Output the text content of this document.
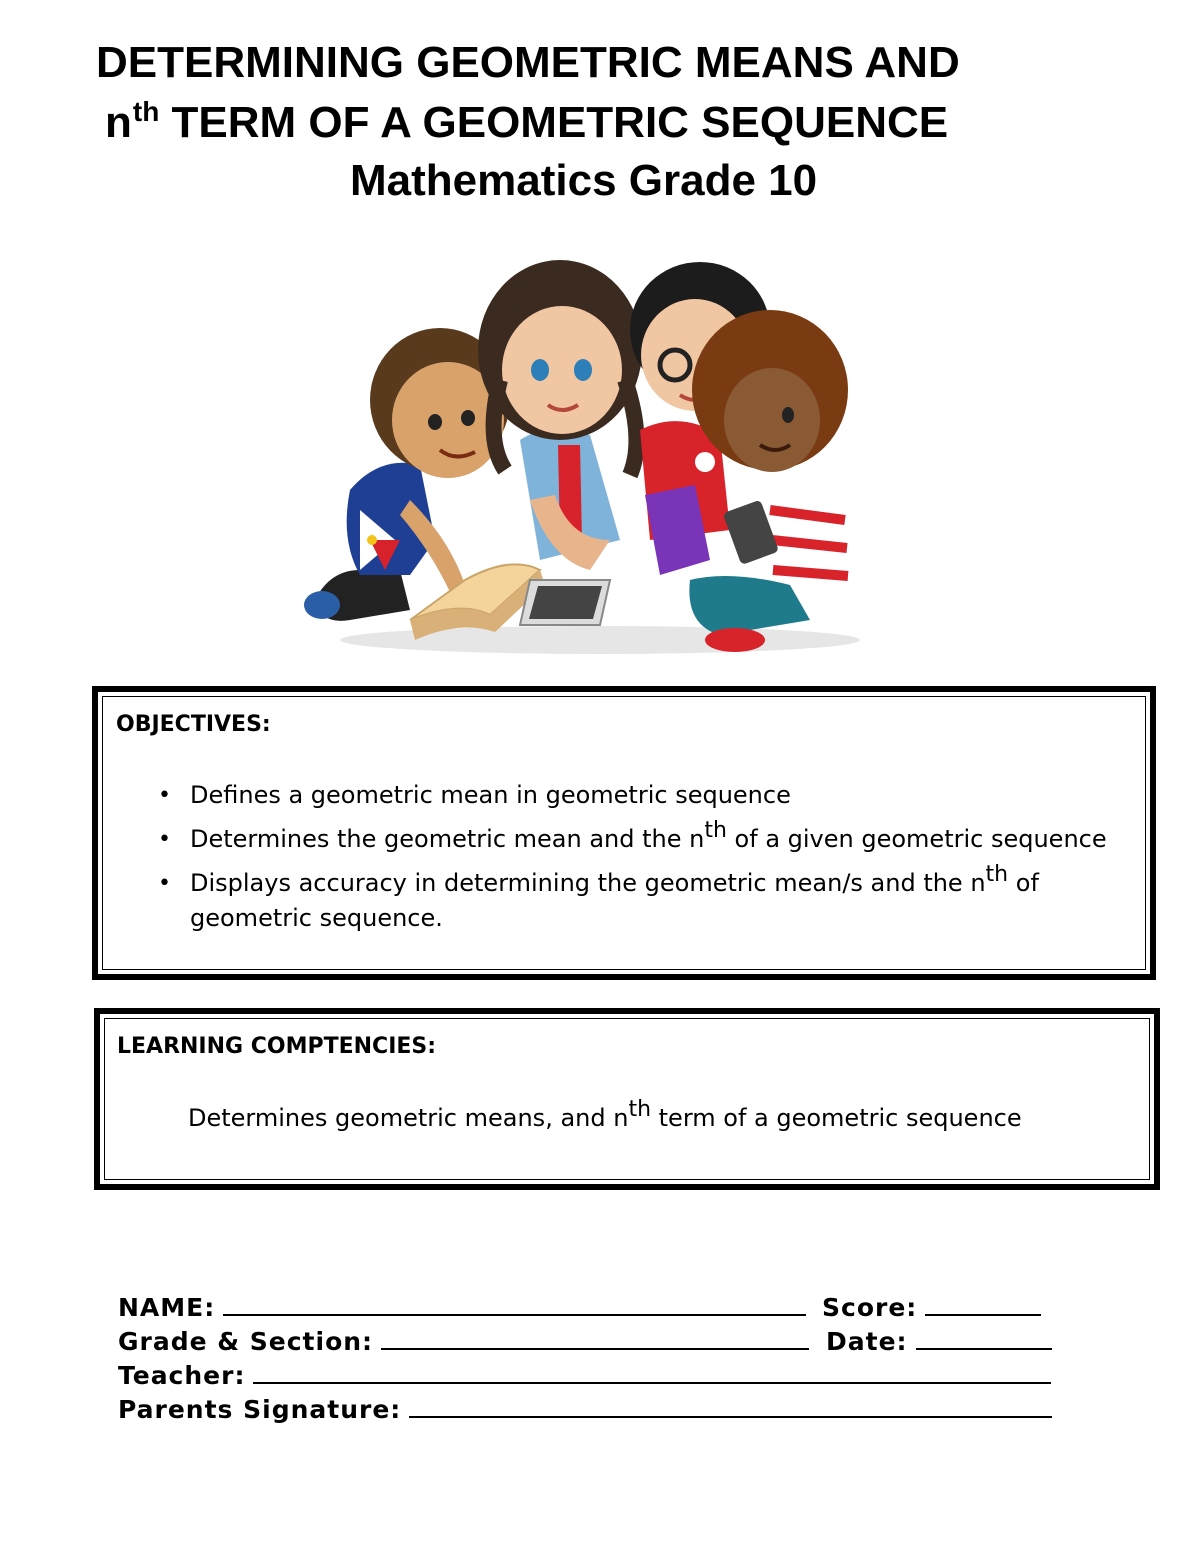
DETERMINING GEOMETRIC MEANS AND
$n^{th}$ TERM OF A GEOMETRIC SEQUENCE
Mathematics Grade 10
OBJECTIVES:
• Defines a geometric mean in geometric sequence
• Determines the geometric mean and the nth of a given geometric sequence
• Displays accuracy in determining the geometric mean/s and the nth of geometric sequence.
LEARNING COMPTENCIES:
Determines geometric means, and nth term of a geometric sequence
NAME:	Score:
Grade & Section:	Date:
Teacher:
Parents Signature:
